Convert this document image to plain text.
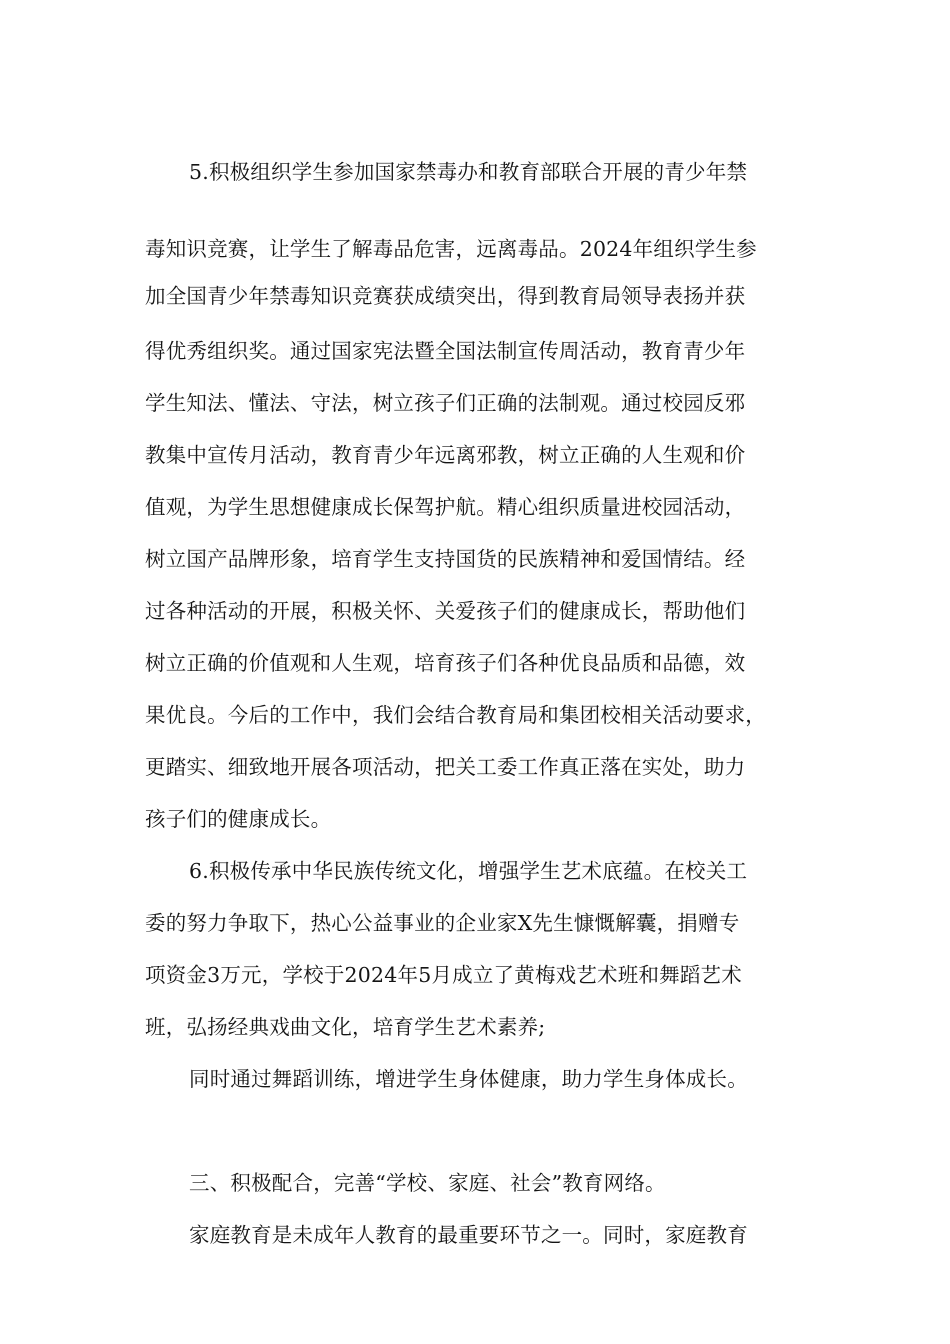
5.积极组织学生参加国家禁毒办和教育部联合开展的青少年禁
毒知识竞赛，让学生了解毒品危害，远离毒品。2024年组织学生参
加全国青少年禁毒知识竞赛获成绩突出，得到教育局领导表扬并获
得优秀组织奖。通过国家宪法暨全国法制宣传周活动，教育青少年
学生知法、懂法、守法，树立孩子们正确的法制观。通过校园反邪
教集中宣传月活动，教育青少年远离邪教，树立正确的人生观和价
值观，为学生思想健康成长保驾护航。精心组织质量进校园活动，
树立国产品牌形象，培育学生支持国货的民族精神和爱国情结。经
过各种活动的开展，积极关怀、关爱孩子们的健康成长，帮助他们
树立正确的价值观和人生观，培育孩子们各种优良品质和品德，效
果优良。今后的工作中，我们会结合教育局和集团校相关活动要求，
更踏实、细致地开展各项活动，把关工委工作真正落在实处，助力
孩子们的健康成长。
6.积极传承中华民族传统文化，增强学生艺术底蕴。在校关工
委的努力争取下，热心公益事业的企业家X先生慷慨解囊，捐赠专
项资金3万元，学校于2024年5月成立了黄梅戏艺术班和舞蹈艺术
班，弘扬经典戏曲文化，培育学生艺术素养;
同时通过舞蹈训练，增进学生身体健康，助力学生身体成长。
三、积极配合，完善“学校、家庭、社会”教育网络。
家庭教育是未成年人教育的最重要环节之一。同时，家庭教育
